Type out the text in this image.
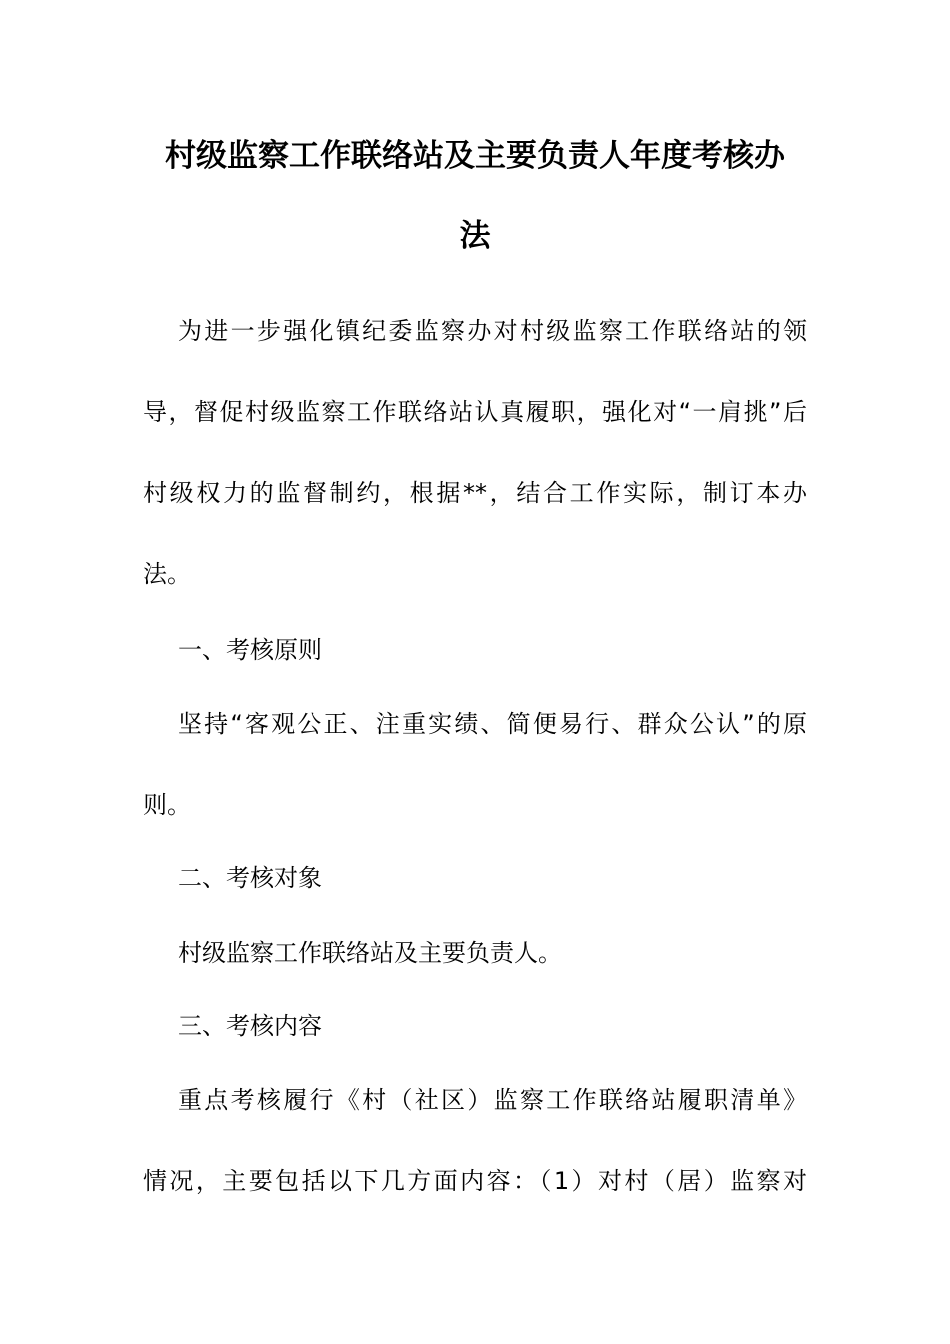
村级监察工作联络站及主要负责人年度考核办
法
为进一步强化镇纪委监察办对村级监察工作联络站的领
导，督促村级监察工作联络站认真履职，强化对“一肩挑”后
村级权力的监督制约，根据**，结合工作实际，制订本办
法。
一、考核原则
坚持“客观公正、注重实绩、简便易行、群众公认”的原
则。
二、考核对象
村级监察工作联络站及主要负责人。
三、考核内容
重点考核履行《村（社区）监察工作联络站履职清单》
情况，主要包括以下几方面内容：（1）对村（居）监察对
